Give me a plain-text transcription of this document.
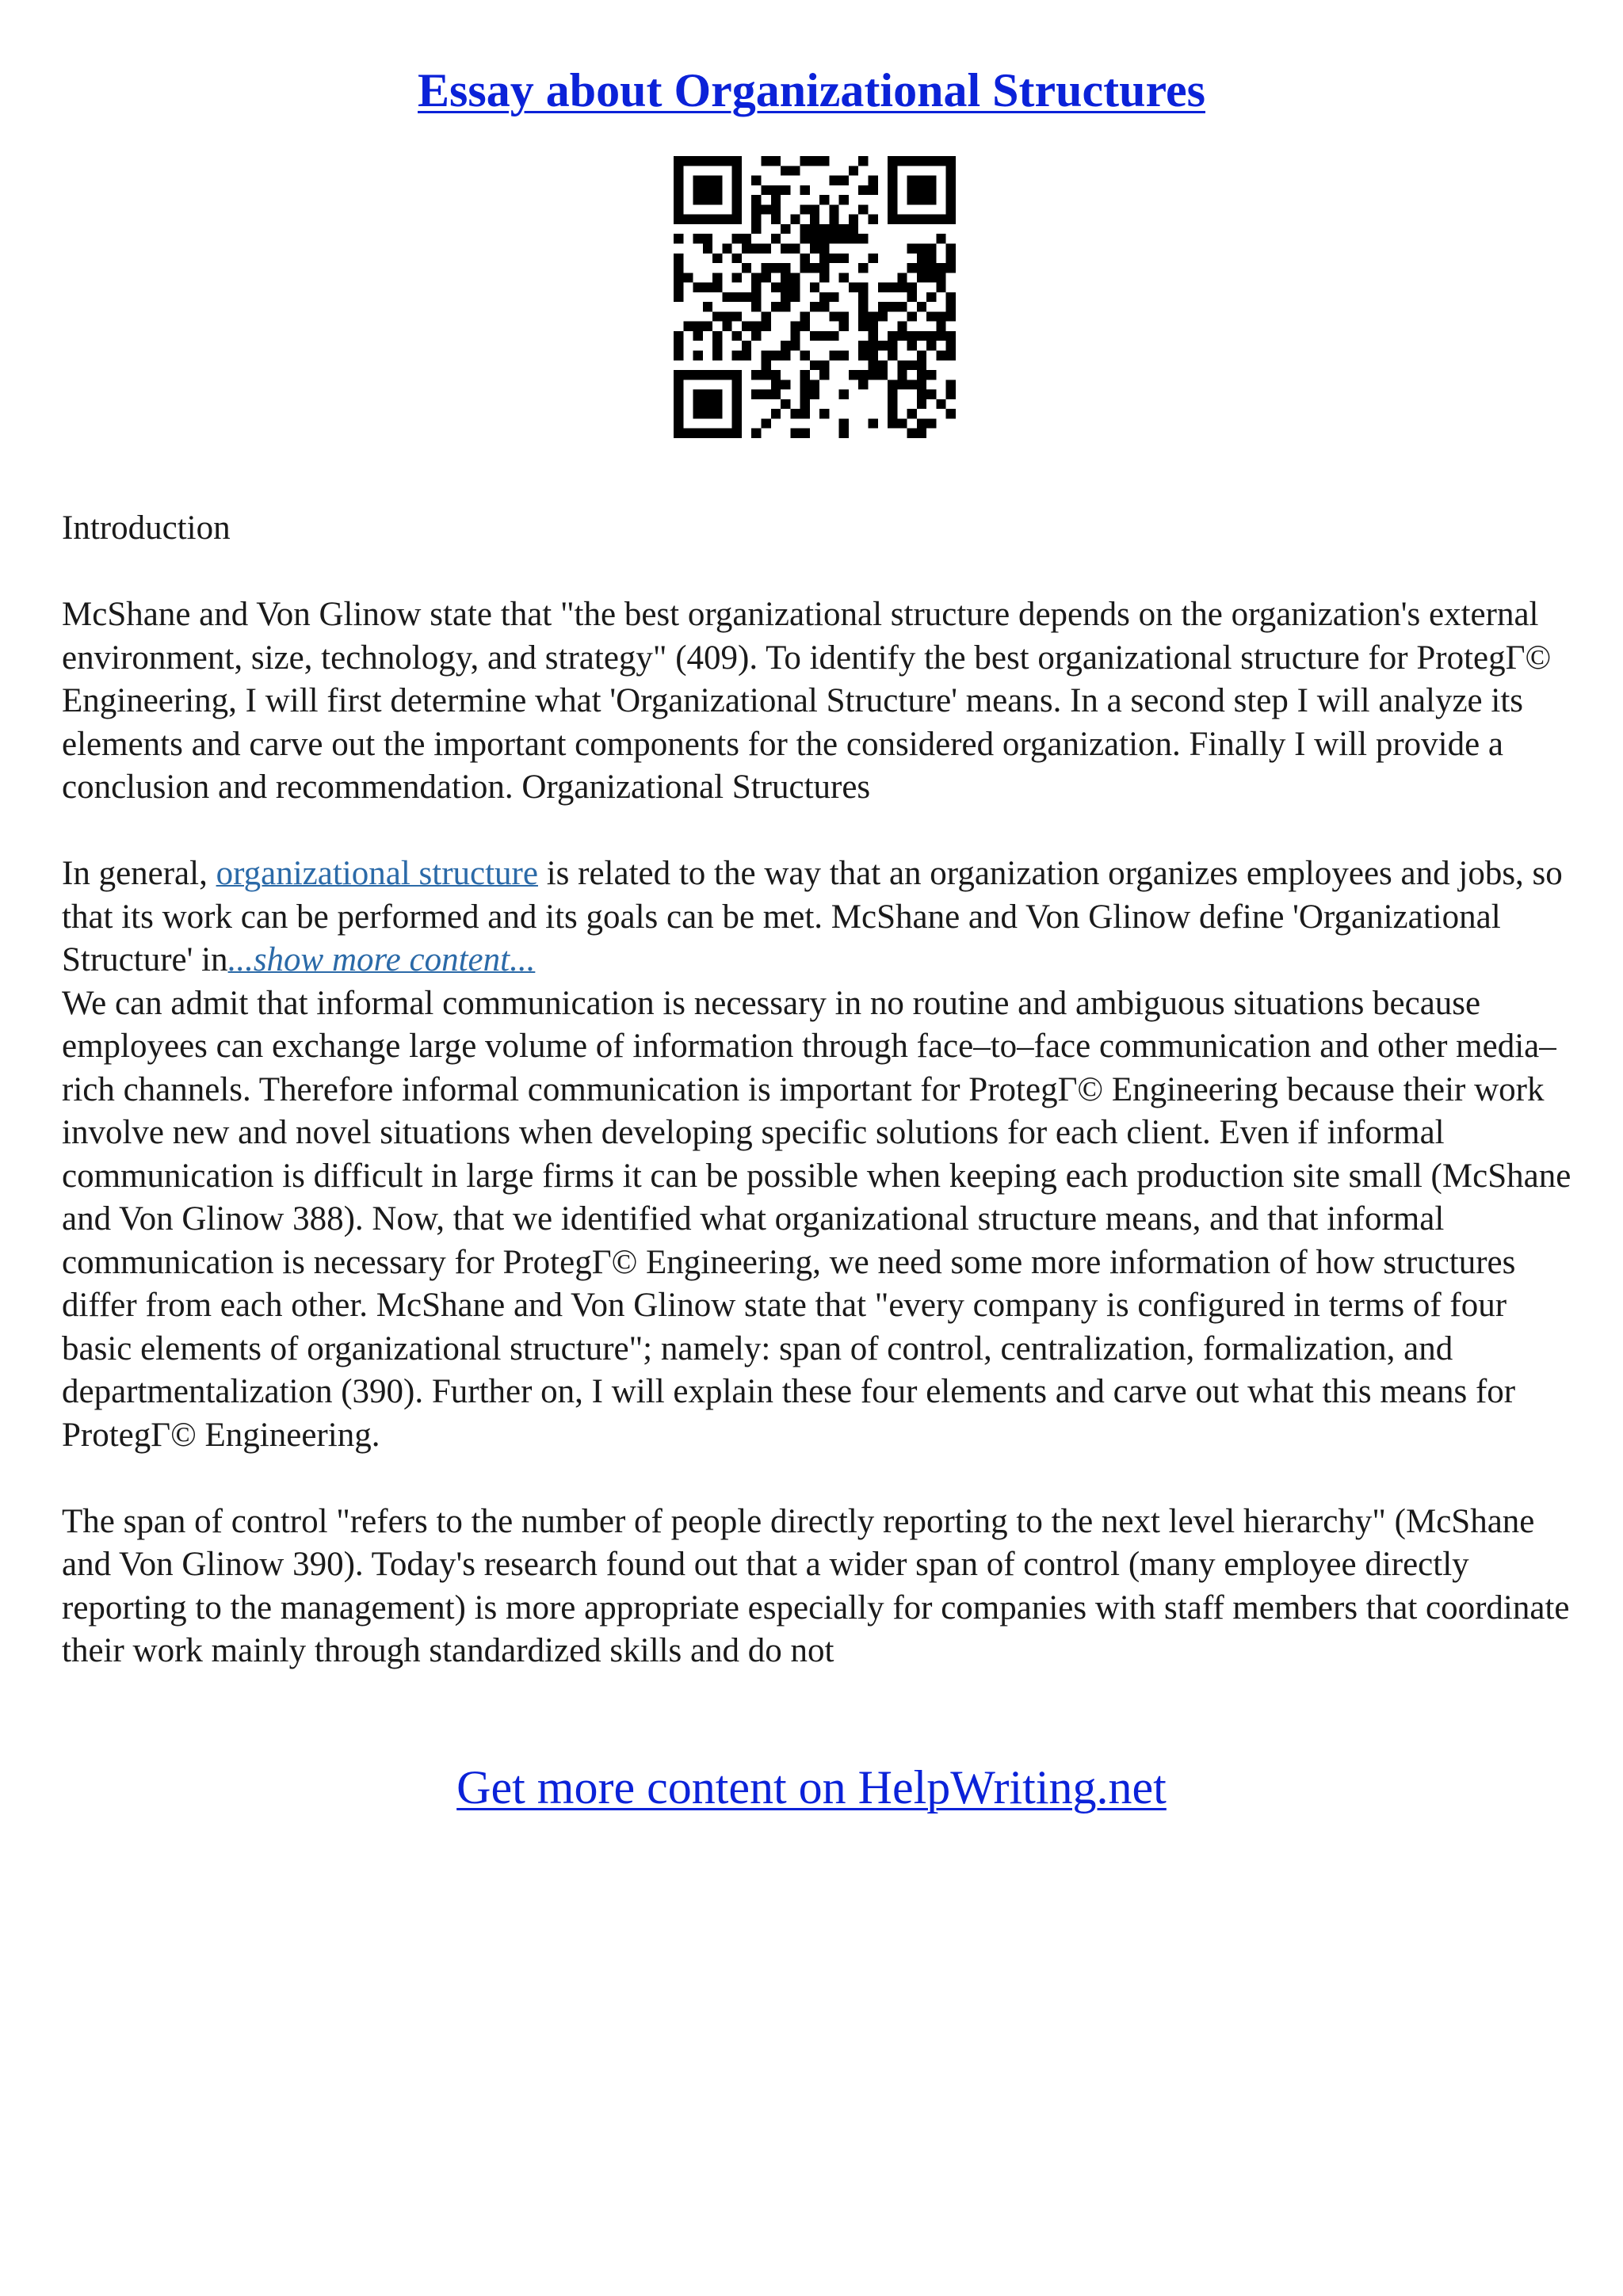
Essay about Organizational Structures

Introduction

McShane and Von Glinow state that "the best organizational structure depends on the organization's external environment, size, technology, and strategy" (409). To identify the best organizational structure for ProtegГ© Engineering, I will first determine what 'Organizational Structure' means. In a second step I will analyze its elements and carve out the important components for the considered organization. Finally I will provide a conclusion and recommendation. Organizational Structures

In general, organizational structure is related to the way that an organization organizes employees and jobs, so that its work can be performed and its goals can be met. McShane and Von Glinow define 'Organizational Structure' in...show more content...

We can admit that informal communication is necessary in no routine and ambiguous situations because employees can exchange large volume of information through face–to–face communication and other media–rich channels. Therefore informal communication is important for ProtegГ© Engineering because their work involve new and novel situations when developing specific solutions for each client. Even if informal communication is difficult in large firms it can be possible when keeping each production site small (McShane and Von Glinow 388). Now, that we identified what organizational structure means, and that informal communication is necessary for ProtegГ© Engineering, we need some more information of how structures differ from each other. McShane and Von Glinow state that "every company is configured in terms of four basic elements of organizational structure"; namely: span of control, centralization, formalization, and departmentalization (390). Further on, I will explain these four elements and carve out what this means for ProtegГ© Engineering.

The span of control "refers to the number of people directly reporting to the next level hierarchy" (McShane and Von Glinow 390). Today's research found out that a wider span of control (many employee directly reporting to the management) is more appropriate especially for companies with staff members that coordinate their work mainly through standardized skills and do not

Get more content on HelpWriting.net
